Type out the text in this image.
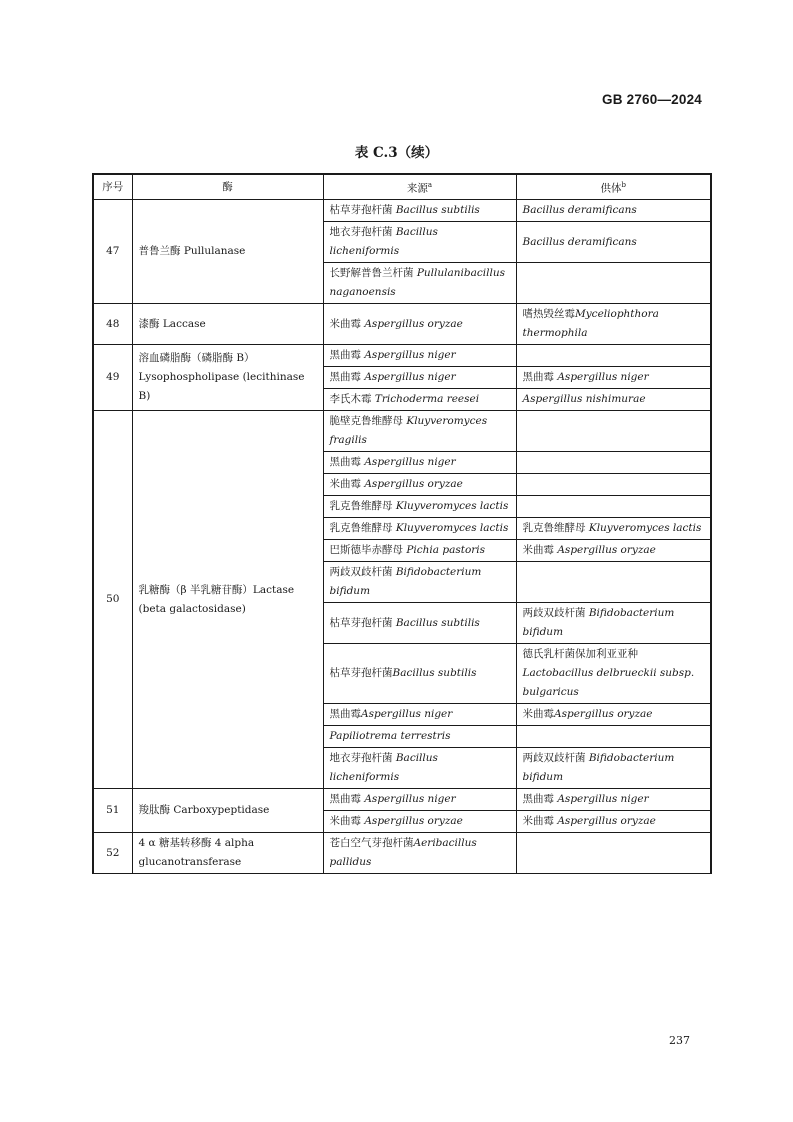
GB 2760—2024
表 C.3（续）
序号	酶	来源$^a$	供体$^b$
47	普鲁兰酶 Pullulanase	枯草芽孢杆菌 Bacillus subtilis	Bacillus deramificans
		地衣芽孢杆菌 Bacillus licheniformis	Bacillus deramificans
		长野解普鲁兰杆菌 Pullulanibacillus naganoensis	
48	漆酶 Laccase	米曲霉 Aspergillus oryzae	嗜热毁丝霉Myceliophthora thermophila
49	溶血磷脂酶（磷脂酶 B）Lysophospholipase (lecithinase B)	黑曲霉 Aspergillus niger	
		黑曲霉 Aspergillus niger	黑曲霉 Aspergillus niger
		李氏木霉 Trichoderma reesei	Aspergillus nishimurae
50	乳糖酶（β 半乳糖苷酶）Lactase (beta galactosidase)	脆壁克鲁维酵母 Kluyveromyces fragilis	
		黑曲霉 Aspergillus niger	
		米曲霉 Aspergillus oryzae	
		乳克鲁维酵母 Kluyveromyces lactis	
		乳克鲁维酵母 Kluyveromyces lactis	乳克鲁维酵母 Kluyveromyces lactis
		巴斯德毕赤酵母 Pichia pastoris	米曲霉 Aspergillus oryzae
		两歧双歧杆菌 Bifidobacterium bifidum	
		枯草芽孢杆菌 Bacillus subtilis	两歧双歧杆菌 Bifidobacterium bifidum
		枯草芽孢杆菌Bacillus subtilis	德氏乳杆菌保加利亚亚种Lactobacillus delbrueckii subsp. bulgaricus
		黑曲霉Aspergillus niger	米曲霉Aspergillus oryzae
		Papiliotrema terrestris	
		地衣芽孢杆菌 Bacillus licheniformis	两歧双歧杆菌 Bifidobacterium bifidum
51	羧肽酶 Carboxypeptidase	黑曲霉 Aspergillus niger	黑曲霉 Aspergillus niger
		米曲霉 Aspergillus oryzae	米曲霉 Aspergillus oryzae
52	4 α 糖基转移酶 4 alpha glucanotransferase	苍白空气芽孢杆菌Aeribacillus pallidus	
237
